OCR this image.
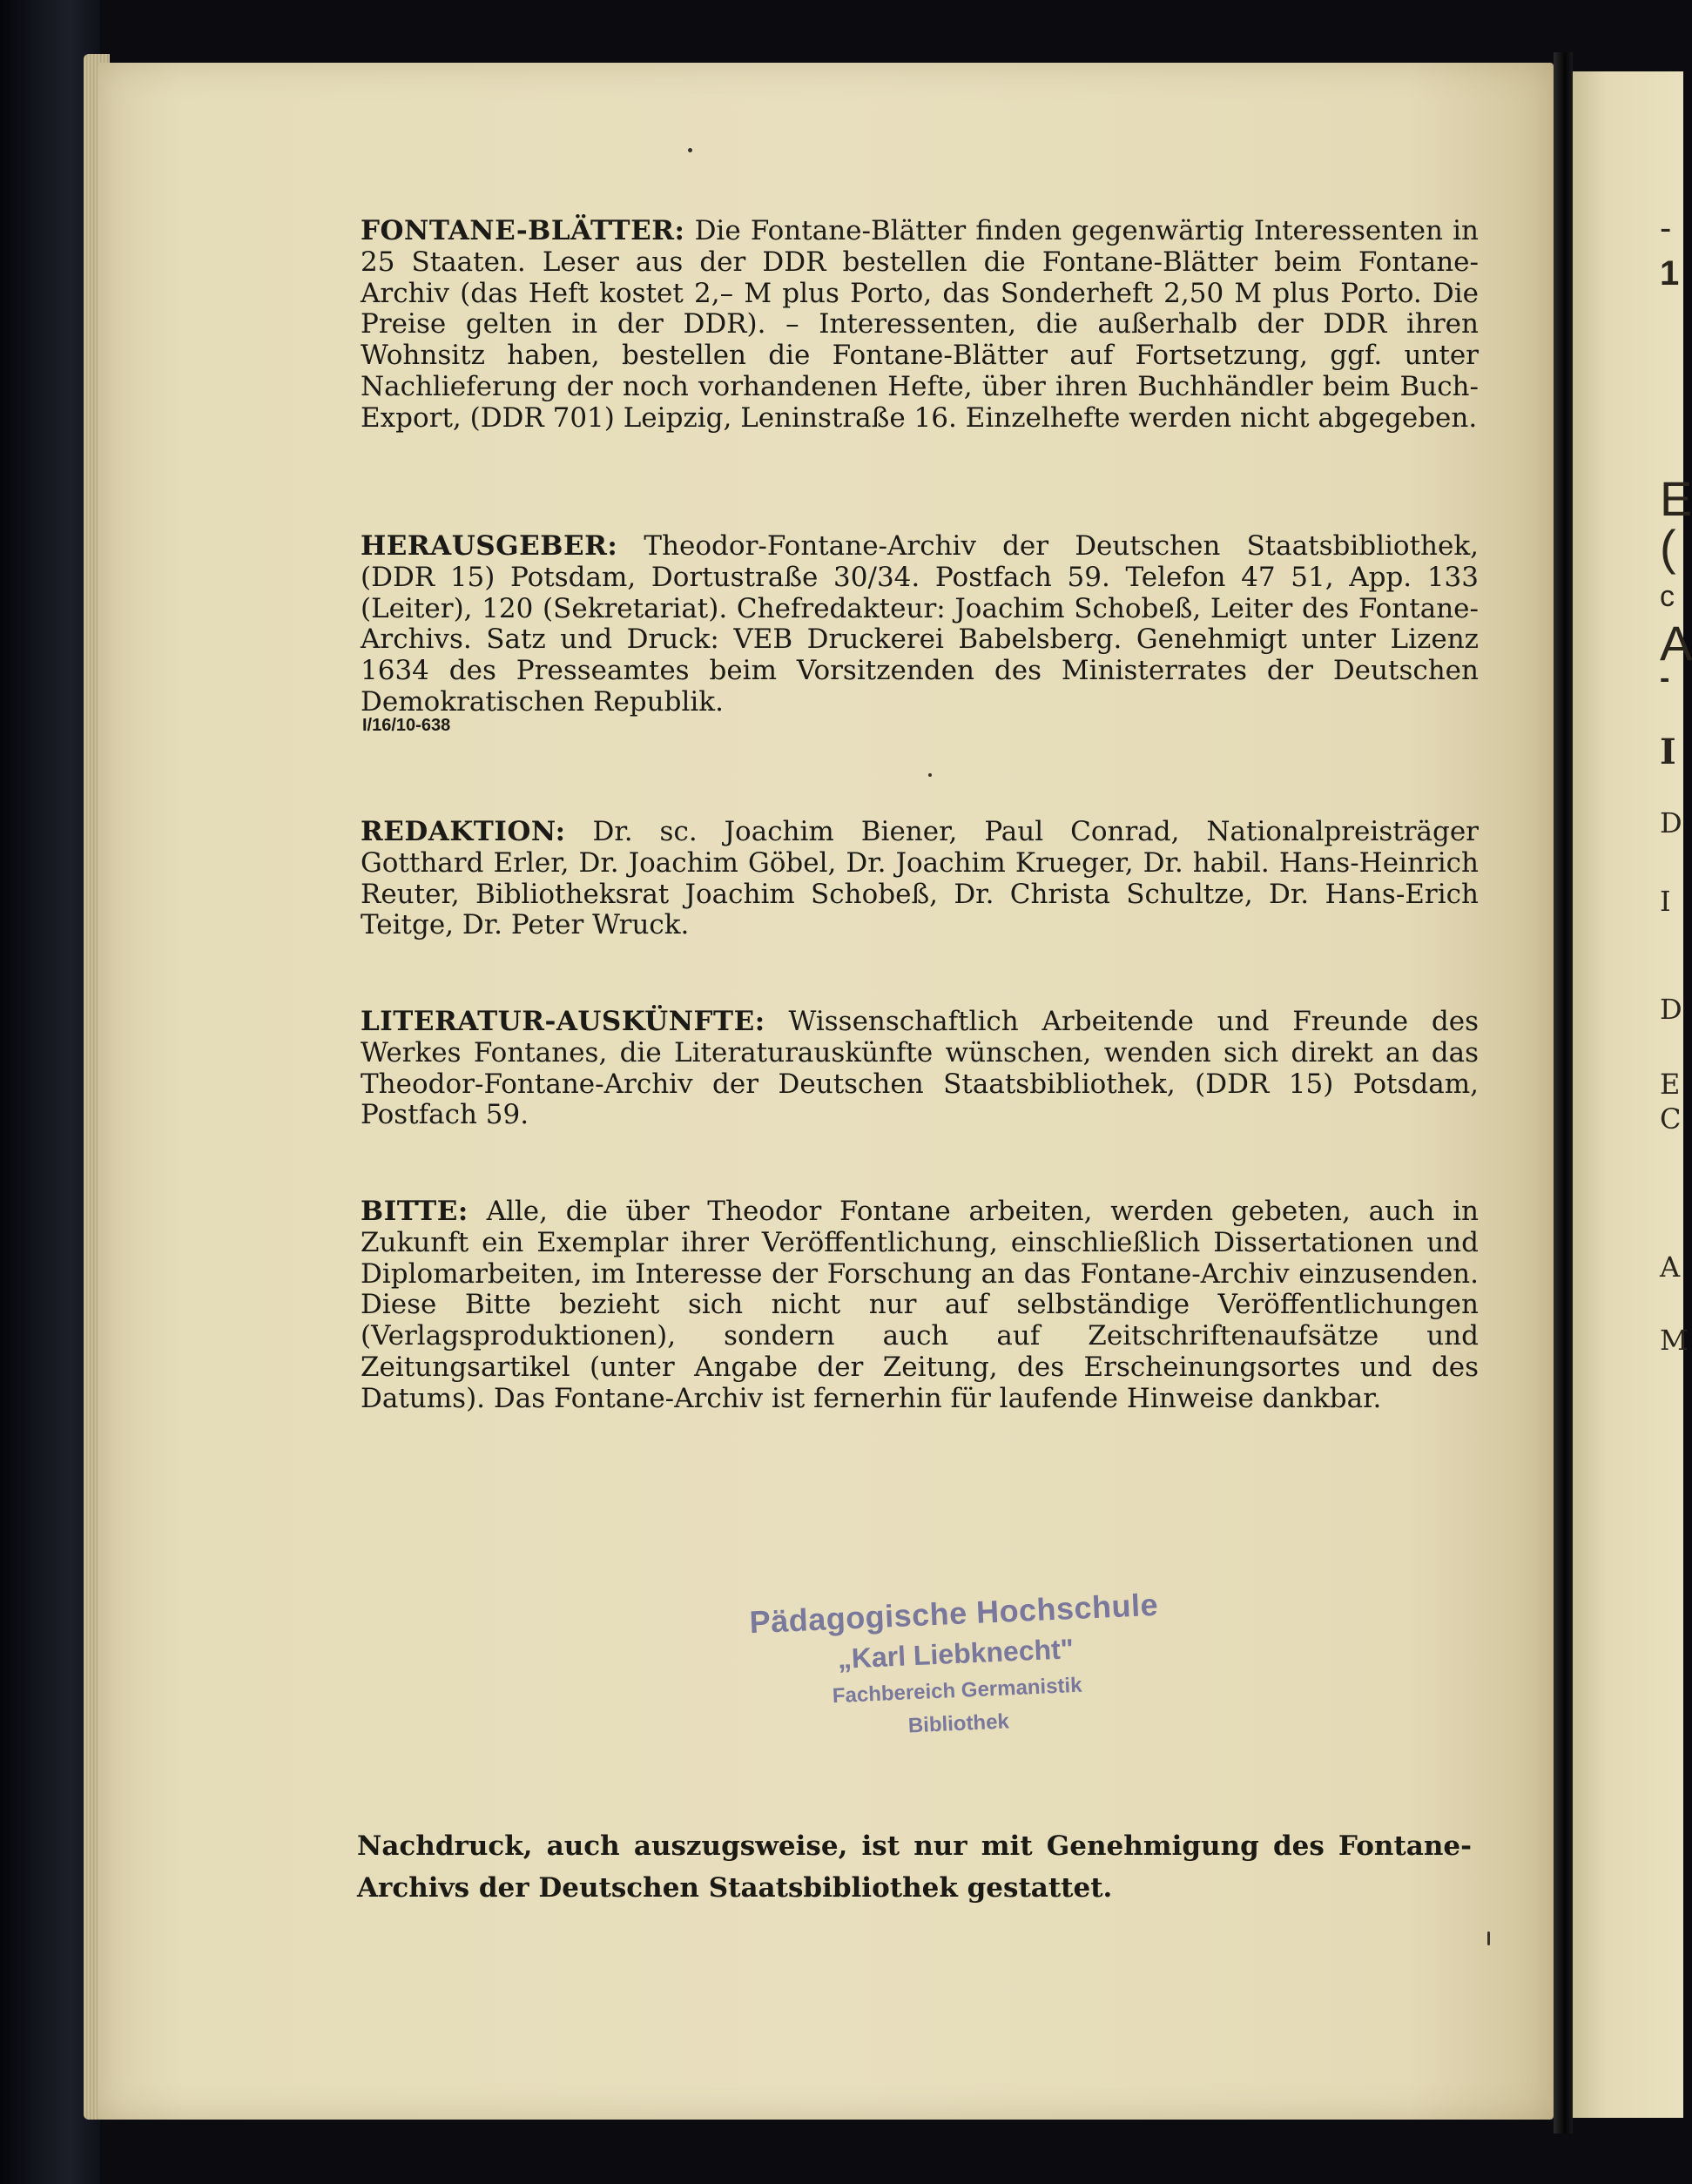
-
1
E
(
c
A
-
I
D
I
D
E
C
A
M
FONTANE-BLÄTTER: Die Fontane-Blätter finden gegenwärtig Interessenten in 25 Staaten. Leser aus der DDR bestellen die Fontane-Blätter beim Fontane-Archiv (das Heft kostet 2,– M plus Porto, das Sonderheft 2,50 M plus Porto. Die Preise gelten in der DDR). – Interessenten, die außerhalb der DDR ihren Wohnsitz haben, bestellen die Fontane-Blätter auf Fortsetzung, ggf. unter Nachlieferung der noch vorhandenen Hefte, über ihren Buchhändler beim Buch-Export, (DDR 701) Leipzig, Leninstraße 16. Einzelhefte werden nicht abgegeben.
HERAUSGEBER: Theodor-Fontane-Archiv der Deutschen Staatsbibliothek, (DDR 15) Potsdam, Dortustraße 30/34. Postfach 59. Telefon 47 51, App. 133 (Leiter), 120 (Sekretariat). Chefredakteur: Joachim Schobeß, Leiter des Fontane-Archivs. Satz und Druck: VEB Druckerei Babelsberg. Genehmigt unter Lizenz 1634 des Presseamtes beim Vorsitzenden des Ministerrates der Deutschen Demokratischen Republik.
I/16/10-638
REDAKTION: Dr. sc. Joachim Biener, Paul Conrad, Nationalpreisträger Gotthard Erler, Dr. Joachim Göbel, Dr. Joachim Krueger, Dr. habil. Hans-Heinrich Reuter, Bibliotheksrat Joachim Schobeß, Dr. Christa Schultze, Dr. Hans-Erich Teitge, Dr. Peter Wruck.
LITERATUR-AUSKÜNFTE: Wissenschaftlich Arbeitende und Freunde des Werkes Fontanes, die Literaturauskünfte wünschen, wenden sich direkt an das Theodor-Fontane-Archiv der Deutschen Staatsbibliothek, (DDR 15) Potsdam, Postfach 59.
BITTE: Alle, die über Theodor Fontane arbeiten, werden gebeten, auch in Zukunft ein Exemplar ihrer Veröffentlichung, einschließlich Dissertationen und Diplomarbeiten, im Interesse der Forschung an das Fontane-Archiv einzusenden. Diese Bitte bezieht sich nicht nur auf selbständige Veröffentlichungen (Verlagsproduktionen), sondern auch auf Zeitschriftenaufsätze und Zeitungsartikel (unter Angabe der Zeitung, des Erscheinungsortes und des Datums). Das Fontane-Archiv ist fernerhin für laufende Hinweise dankbar.
Pädagogische Hochschule
„Karl Liebknecht"
Fachbereich Germanistik
Bibliothek
Nachdruck, auch auszugsweise, ist nur mit Genehmigung des Fontane-Archivs der Deutschen Staatsbibliothek gestattet.
